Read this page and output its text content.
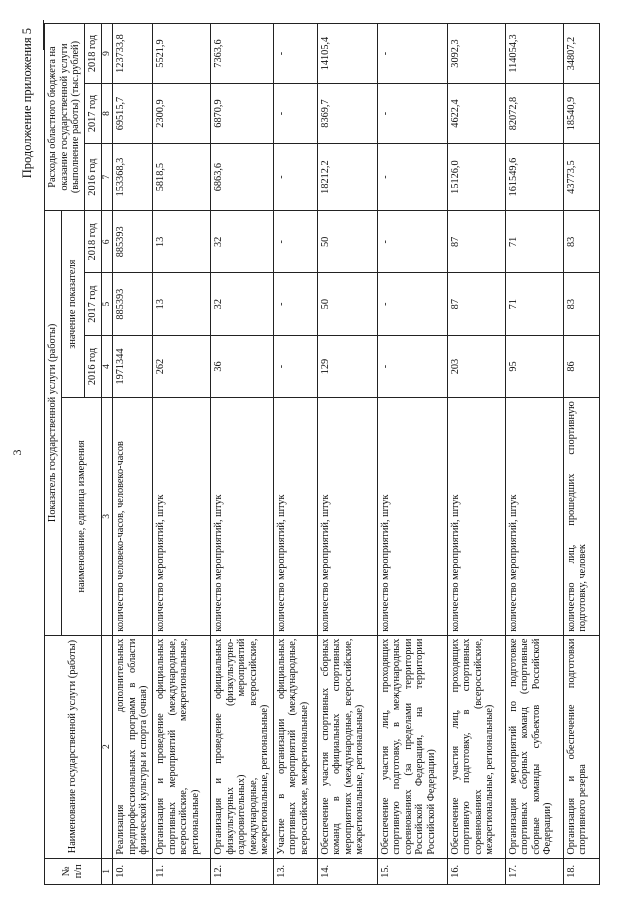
3
Продолжение приложения 5
№ п/п	Наименование государственной услуги (работы)	Показатель государственной услуги (работы)				Расходы областного бюджета на оказание государственной услуги (выполнение работы) (тыс.рублей)		
		наименование, единица измерения	значение показателя					
			2016 год	2017 год	2018 год	2016 год	2017 год	2018 год
1	2	3	4	5	6	7	8	9
10.	Реализация дополнительных предпрофессиональных программ в области физической культуры и спорта (очная)	количество человеко-часов, человеко-часов	1971344	885393	885393	153368,3	69515,7	123733,8
11.	Организация и проведение официальных спортивных мероприятий (международные, всероссийские, межрегиональные, региональные)	количество мероприятий, штук	262	13	13	5818,5	2300,9	5521,9
12.	Организация и проведение официальных физкультурных (физкультурно-оздоровительных) мероприятий (международные, всероссийские, межрегиональные, региональные)	количество мероприятий, штук	36	32	32	6863,6	6870,9	7363,6
13.	Участие в организации официальных спортивных мероприятий (международные, всероссийские, межрегиональные)	количество мероприятий, штук	-	-	-	-	-	-
14.	Обеспечение участия спортивных сборных команд в официальных спортивных мероприятиях (международные, всероссийские, межрегиональные, региональные)	количество мероприятий, штук	129	50	50	18212,2	8369,7	14105,4
15.	Обеспечение участия лиц, проходящих спортивную подготовку, в международных соревнованиях (за пределами территории Российской Федерации, на территории Российской Федерации)	количество мероприятий, штук	-	-	-	-	-	-
16.	Обеспечение участия лиц, проходящих спортивную подготовку, в спортивных соревнованиях (всероссийские, межрегиональные, региональные)	количество мероприятий, штук	203	87	87	15126,0	4622,4	3092,3
17.	Организация мероприятий по подготовке спортивных сборных команд (спортивные сборные команды субъектов Российской Федерации)	количество мероприятий, штук	95	71	71	161549,6	82072,8	114054,3
18.	Организация и обеспечение подготовки спортивного резерва	количество лиц, прошедших спортивную подготовку, человек	86	83	83	43773,5	18540,9	34807,2
